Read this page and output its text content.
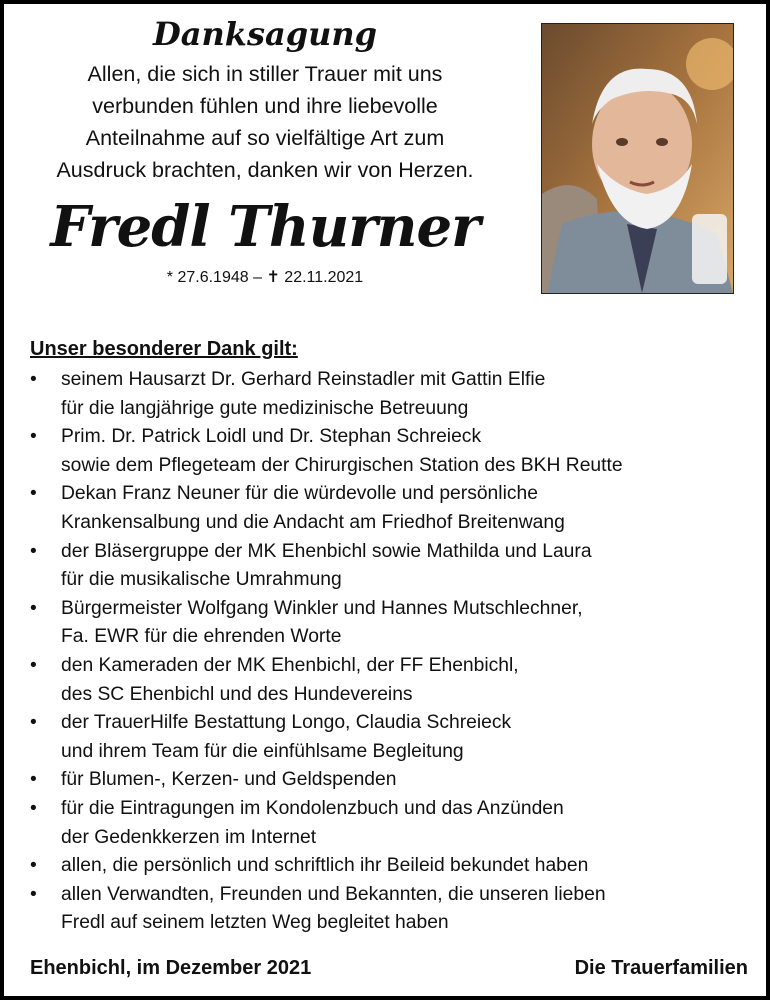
Danksagung

Allen, die sich in stiller Trauer mit uns
verbunden fühlen und ihre liebevolle
Anteilnahme auf so vielfältige Art zum
Ausdruck brachten, danken wir von Herzen.

Fredl Thurner

* 27.6.1948 – ✝ 22.11.2021

Unser besonderer Dank gilt:

•	seinem Hausarzt Dr. Gerhard Reinstadler mit Gattin Elfie
für die langjährige gute medizinische Betreuung
•	Prim. Dr. Patrick Loidl und Dr. Stephan Schreieck
sowie dem Pflegeteam der Chirurgischen Station des BKH Reutte
•	Dekan Franz Neuner für die würdevolle und persönliche
Krankensalbung und die Andacht am Friedhof Breitenwang
•	der Bläsergruppe der MK Ehenbichl sowie Mathilda und Laura
für die musikalische Umrahmung
•	Bürgermeister Wolfgang Winkler und Hannes Mutschlechner,
Fa. EWR für die ehrenden Worte
•	den Kameraden der MK Ehenbichl, der FF Ehenbichl,
des SC Ehenbichl und des Hundevereins
•	der TrauerHilfe Bestattung Longo, Claudia Schreieck
und ihrem Team für die einfühlsame Begleitung
•	für Blumen-, Kerzen- und Geldspenden
•	für die Eintragungen im Kondolenzbuch und das Anzünden
der Gedenkkerzen im Internet
•	allen, die persönlich und schriftlich ihr Beileid bekundet haben
•	allen Verwandten, Freunden und Bekannten, die unseren lieben
Fredl auf seinem letzten Weg begleitet haben
Ehenbichl, im Dezember 2021	Die Trauerfamilien
